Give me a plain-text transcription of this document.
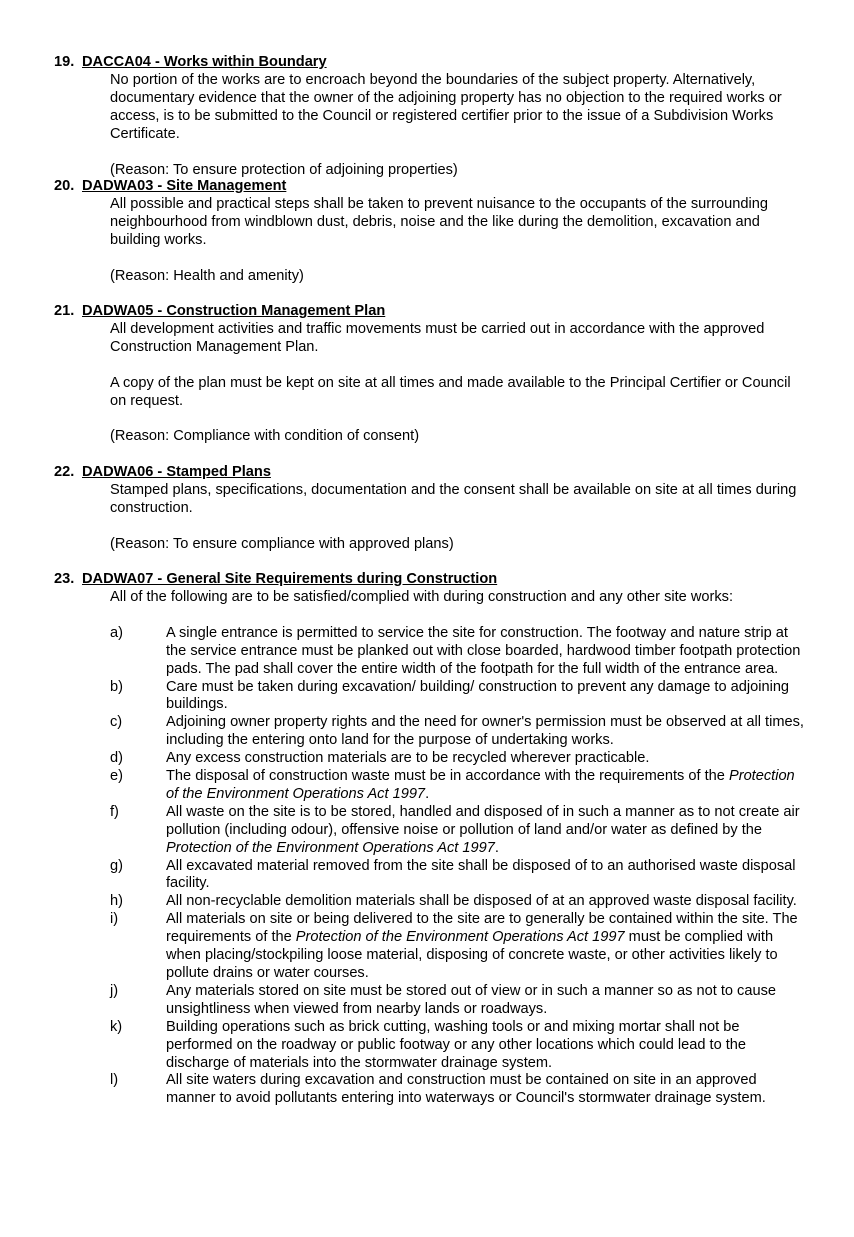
19. DACCA04 - Works within Boundary

No portion of the works are to encroach beyond the boundaries of the subject property. Alternatively, documentary evidence that the owner of the adjoining property has no objection to the required works or access, is to be submitted to the Council or registered certifier prior to the issue of a Subdivision Works Certificate.

(Reason: To ensure protection of adjoining properties)

20. DADWA03 - Site Management

All possible and practical steps shall be taken to prevent nuisance to the occupants of the surrounding neighbourhood from windblown dust, debris, noise and the like during the demolition, excavation and building works.

(Reason: Health and amenity)

21. DADWA05 - Construction Management Plan

All development activities and traffic movements must be carried out in accordance with the approved Construction Management Plan.

A copy of the plan must be kept on site at all times and made available to the Principal Certifier or Council on request.

(Reason: Compliance with condition of consent)

22. DADWA06 - Stamped Plans

Stamped plans, specifications, documentation and the consent shall be available on site at all times during construction.

(Reason: To ensure compliance with approved plans)

23. DADWA07 - General Site Requirements during Construction

All of the following are to be satisfied/complied with during construction and any other site works:

a)	A single entrance is permitted to service the site for construction. The footway and nature strip at the service entrance must be planked out with close boarded, hardwood timber footpath protection pads. The pad shall cover the entire width of the footpath for the full width of the entrance area.
b)	Care must be taken during excavation/ building/ construction to prevent any damage to adjoining buildings.
c)	Adjoining owner property rights and the need for owner's permission must be observed at all times, including the entering onto land for the purpose of undertaking works.
d)	Any excess construction materials are to be recycled wherever practicable.
e)	The disposal of construction waste must be in accordance with the requirements of the Protection of the Environment Operations Act 1997.
f)	All waste on the site is to be stored, handled and disposed of in such a manner as to not create air pollution (including odour), offensive noise or pollution of land and/or water as defined by the Protection of the Environment Operations Act 1997.
g)	All excavated material removed from the site shall be disposed of to an authorised waste disposal facility.
h)	All non-recyclable demolition materials shall be disposed of at an approved waste disposal facility.
i)	All materials on site or being delivered to the site are to generally be contained within the site. The requirements of the Protection of the Environment Operations Act 1997 must be complied with when placing/stockpiling loose material, disposing of concrete waste, or other activities likely to pollute drains or water courses.
j)	Any materials stored on site must be stored out of view or in such a manner so as not to cause unsightliness when viewed from nearby lands or roadways.
k)	Building operations such as brick cutting, washing tools or and mixing mortar shall not be performed on the roadway or public footway or any other locations which could lead to the discharge of materials into the stormwater drainage system.
l)	All site waters during excavation and construction must be contained on site in an approved manner to avoid pollutants entering into waterways or Council's stormwater drainage system.
